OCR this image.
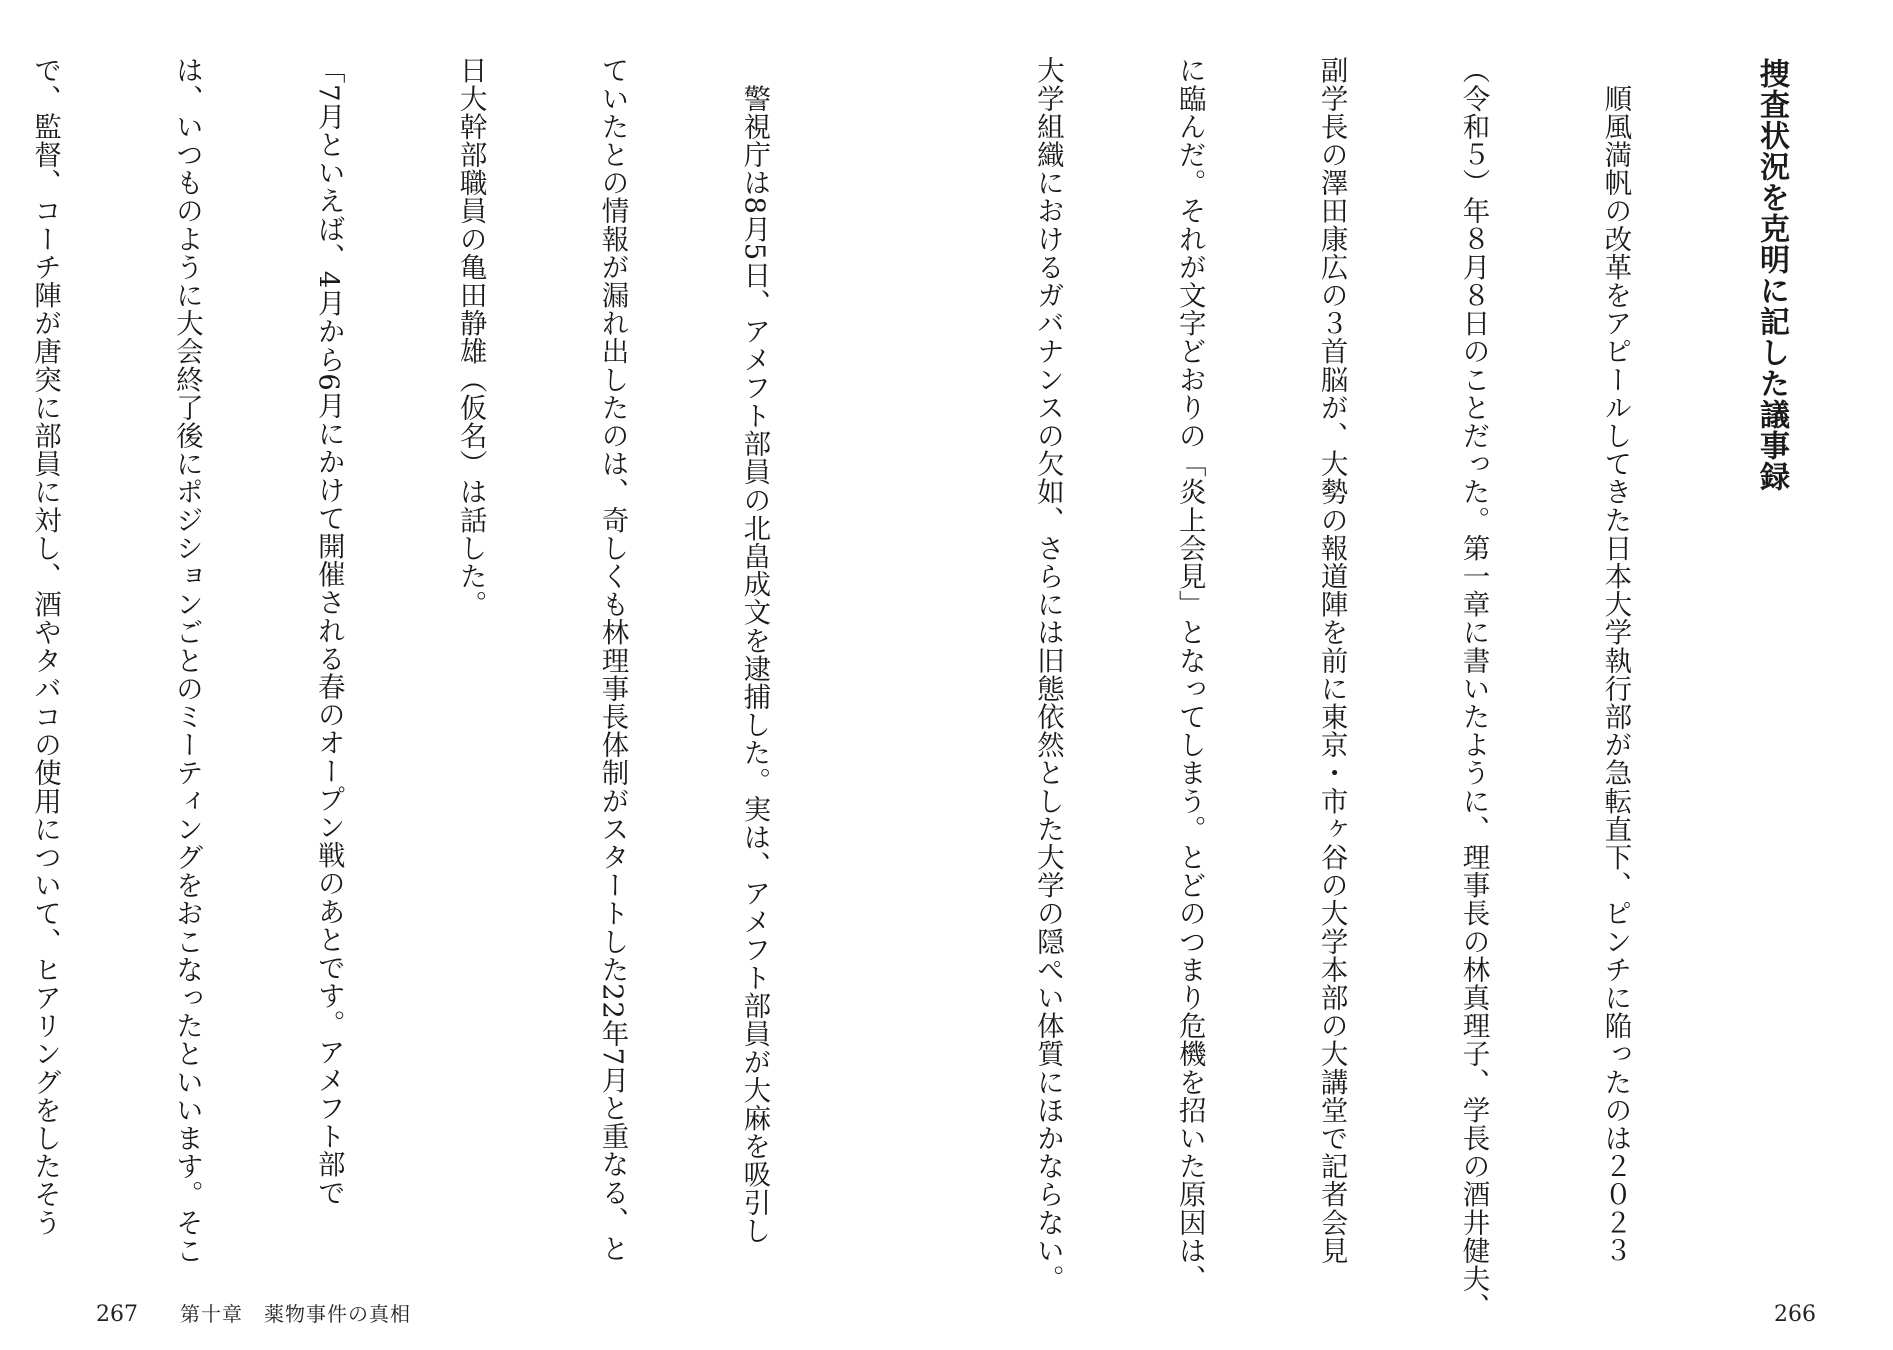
　警視庁は8月5日、アメフト部員の北畠成文を逮捕した。実は、アメフト部員が大麻を吸引し

ていたとの情報が漏れ出したのは、奇しくも林理事長体制がスタートした22年7月と重なる、と

日大幹部職員の亀田静雄（仮名）は話した。

「7月といえば、4月から6月にかけて開催される春のオープン戦のあとです。アメフト部で

は、いつものように大会終了後にポジションごとのミーティングをおこなったといいます。そこ

で、監督、コーチ陣が唐突に部員に対し、酒やタバコの使用について、ヒアリングをしたそう

267 第十章　薬物事件の真相
捜査状況を克明に記した議事録

　順風満帆の改革をアピールしてきた日本大学執行部が急転直下、ピンチに陥ったのは２０２３

（令和５）年８月８日のことだった。第一章に書いたように、理事長の林真理子、学長の酒井健夫、

副学長の澤田康広の３首脳が、大勢の報道陣を前に東京・市ヶ谷の大学本部の大講堂で記者会見

に臨んだ。それが文字どおりの「炎上会見」となってしまう。とどのつまり危機を招いた原因は、

大学組織におけるガバナンスの欠如、さらには旧態依然とした大学の隠ぺい体質にほかならない。

266
